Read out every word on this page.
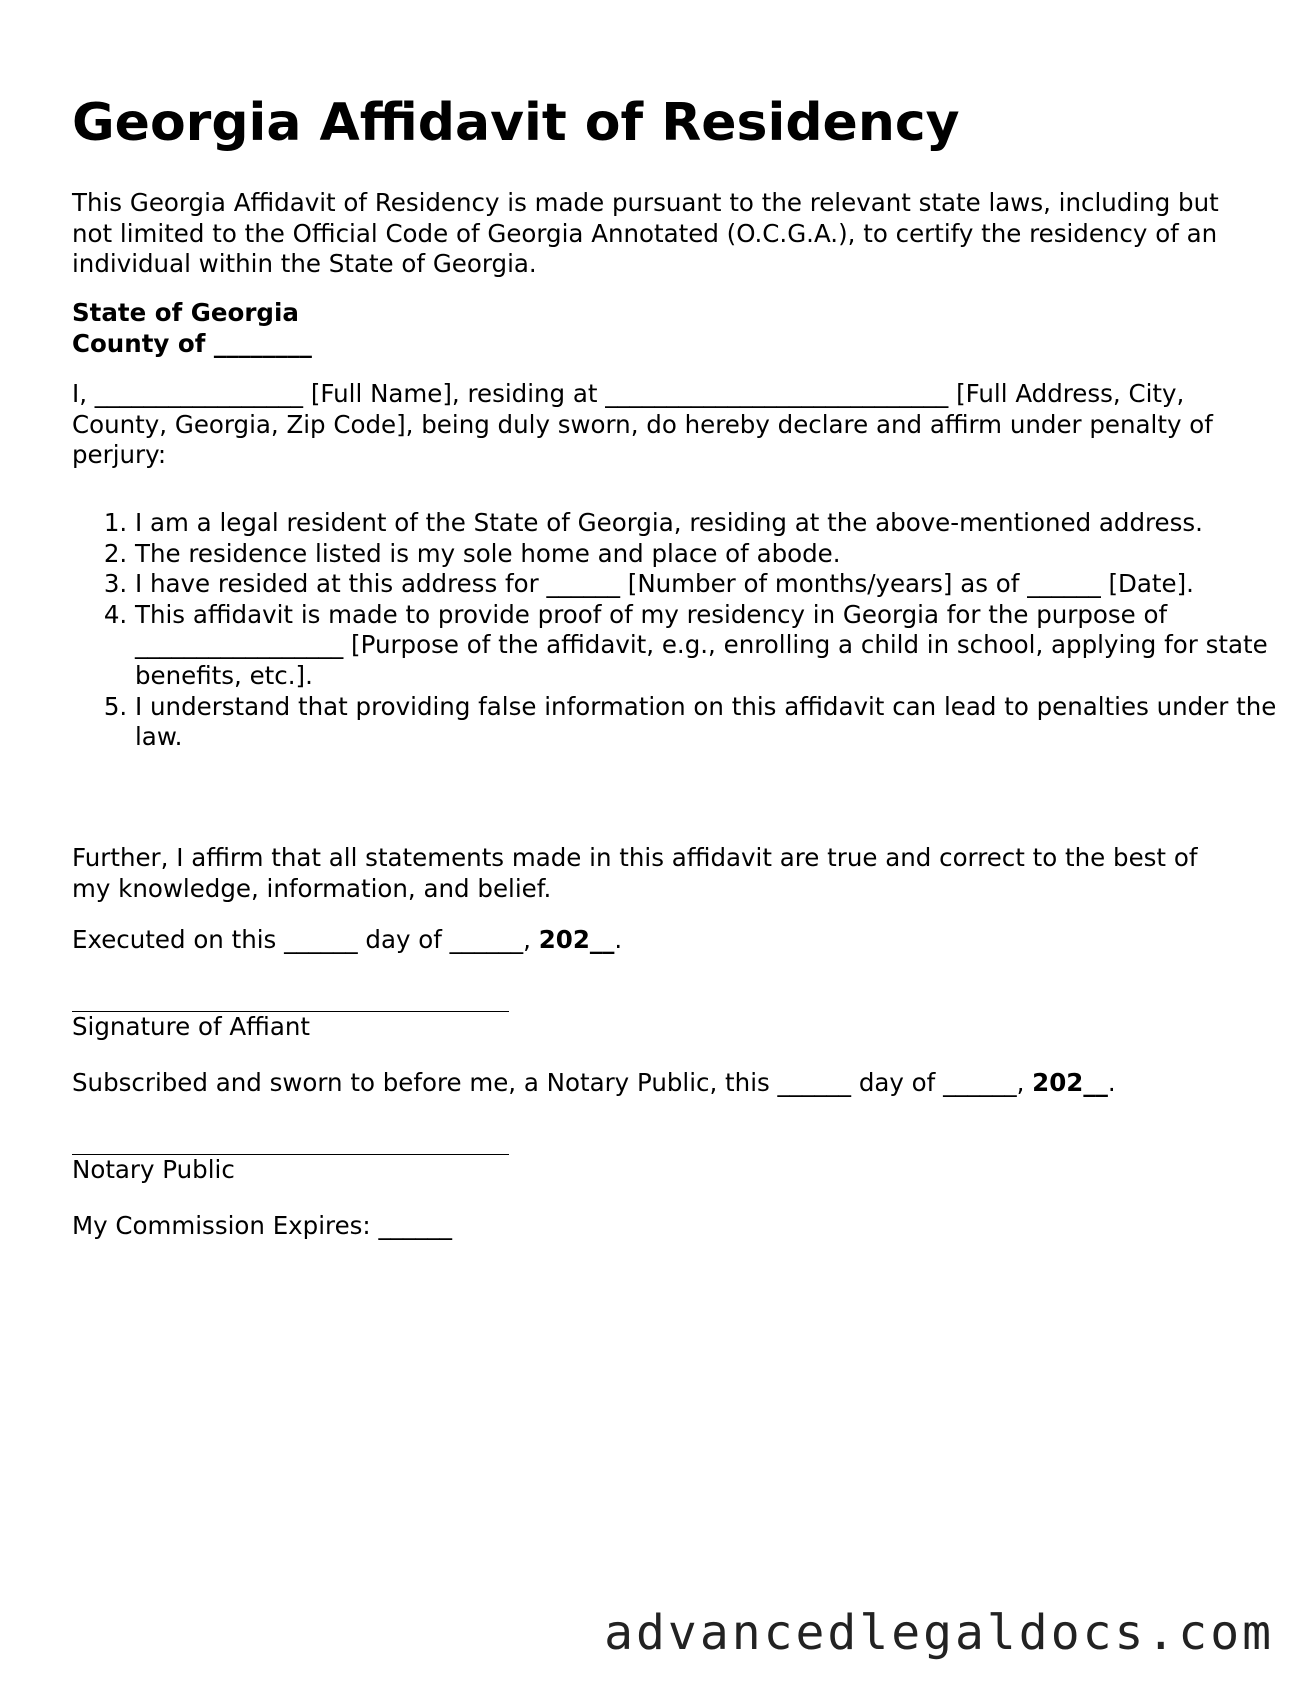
Georgia Affidavit of Residency

This Georgia Affidavit of Residency is made pursuant to the relevant state laws, including but not limited to the Official Code of Georgia Annotated (O.C.G.A.), to certify the residency of an individual within the State of Georgia.

State of Georgia
County of ________

I, _________________ [Full Name], residing at ____________________________ [Full Address, City, County, Georgia, Zip Code], being duly sworn, do hereby declare and affirm under penalty of perjury:

1. I am a legal resident of the State of Georgia, residing at the above-mentioned address.
2. The residence listed is my sole home and place of abode.
3. I have resided at this address for ______ [Number of months/years] as of ______ [Date].
4. This affidavit is made to provide proof of my residency in Georgia for the purpose of _________________ [Purpose of the affidavit, e.g., enrolling a child in school, applying for state benefits, etc.].
5. I understand that providing false information on this affidavit can lead to penalties under the law.

Further, I affirm that all statements made in this affidavit are true and correct to the best of my knowledge, information, and belief.

Executed on this ______ day of ______, 202__.

Signature of Affiant

Subscribed and sworn to before me, a Notary Public, this ______ day of ______, 202__.

Notary Public

My Commission Expires: ______

advancedlegaldocs.com
